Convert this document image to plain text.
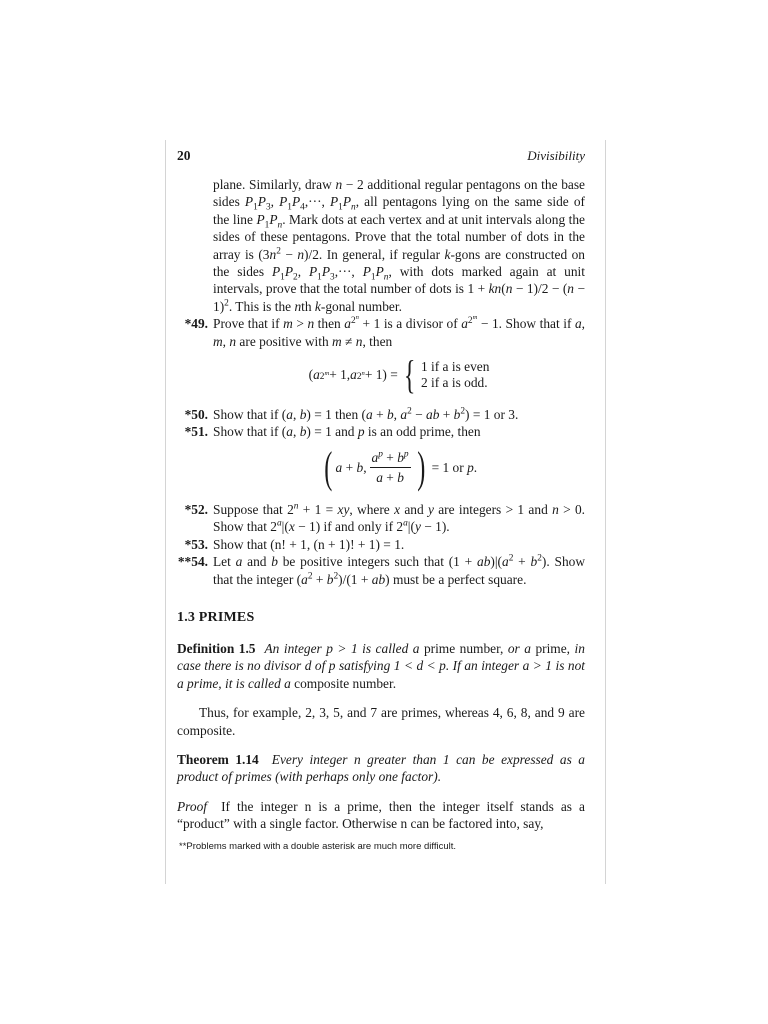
20	Divisibility

plane. Similarly, draw n − 2 additional regular pentagons on the base sides $P_1P_3$, $P_1P_4,\cdot\cdot\cdot$, $P_1P_n$, all pentagons lying on the same side of the line $P_1P_n$. Mark dots at each vertex and at unit intervals along the sides of these pentagons. Prove that the total number of dots in the array is $(3n^2 - n)/2$. In general, if regular k-gons are constructed on the sides $P_1P_2$, $P_1P_3,\cdot\cdot\cdot$, $P_1P_n$, with dots marked again at unit intervals, prove that the total number of dots is $1 + kn(n - 1)/2 - (n - 1)^2$. This is the nth k-gonal number.

*49. Prove that if m > n then $a^{2^n} + 1$ is a divisor of $a^{2^m} - 1$. Show that if a, m, n are positive with m ≠ n, then

( a $2^m + 1$, a $2^n + 1$) = { 1 if a is even
2 if a is odd.
*50. Show that if (a, b) = 1 then (a + b, $a^2$ − ab + $b^2) = 1$ or 3.

*51. Show that if (a, b) = 1 and p is an odd prime, then

( a + b , $\frac{a^p + b^p}{a + b}$ )
= 1 or
p .
*52. Suppose that $2^n + 1$ = xy, where x and y are integers > 1 and n > 0. Show that $2^a|(x - 1)$ if and only if $2^a|(y - 1)$.

*53. Show that (n! + 1, (n + 1)! + 1) = 1.

**54. Let a and b be positive integers such that $(1 + ab)|(a^2 + b^2)$. Show that the integer $(a^2 + b^2)/(1 + ab)$ must be a perfect square.

1.3 PRIMES

Definition 1.5 An integer p > 1 is called a prime number, or a prime, in case there is no divisor d of p satisfying 1 < d < p. If an integer a > 1 is not a prime, it is called a composite number.

Thus, for example, 2, 3, 5, and 7 are primes, whereas 4, 6, 8, and 9 are composite.

Theorem 1.14 Every integer n greater than 1 can be expressed as a product of primes (with perhaps only one factor).

Proof If the integer n is a prime, then the integer itself stands as a “product” with a single factor. Otherwise n can be factored into, say,

**Problems marked with a double asterisk are much more difficult.
